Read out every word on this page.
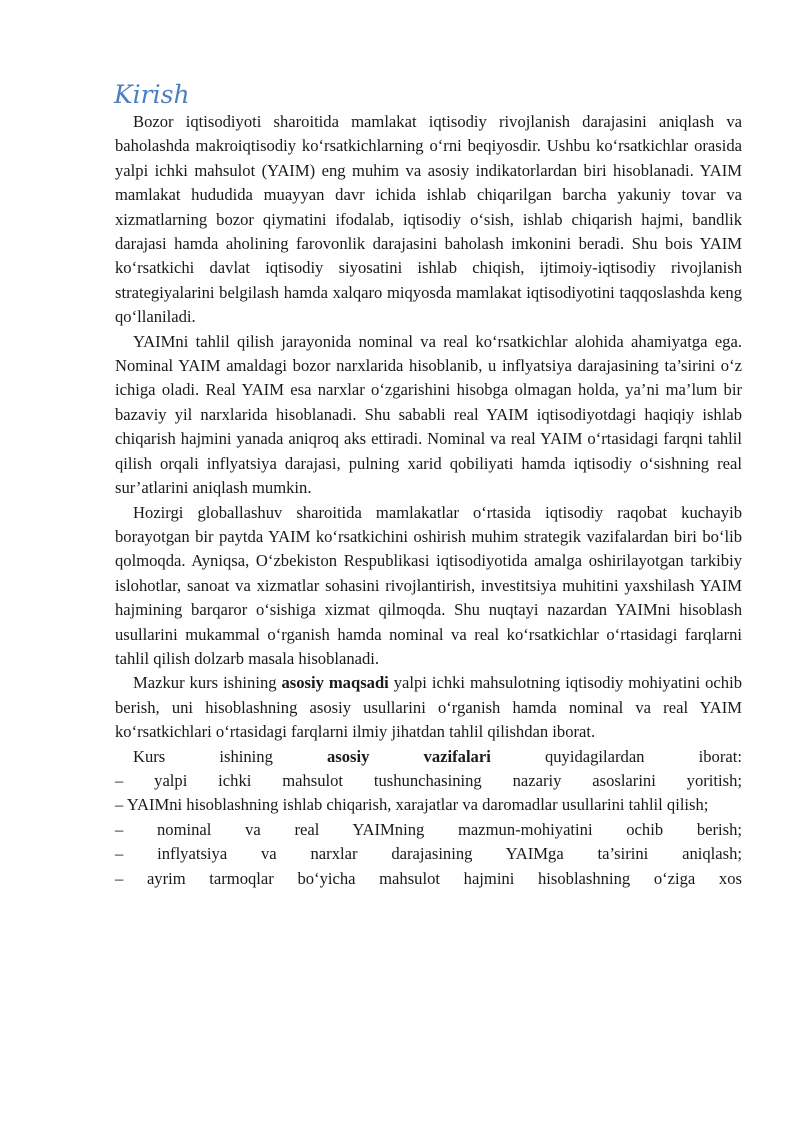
Kirish

Bozor iqtisodiyoti sharoitida mamlakat iqtisodiy rivojlanish darajasini aniqlash va baholashda makroiqtisodiy ko‘rsatkichlarning o‘rni beqiyosdir. Ushbu ko‘rsatkichlar orasida yalpi ichki mahsulot (YAIM) eng muhim va asosiy indikatorlardan biri hisoblanadi. YAIM mamlakat hududida muayyan davr ichida ishlab chiqarilgan barcha yakuniy tovar va xizmatlarning bozor qiymatini ifodalab, iqtisodiy o‘sish, ishlab chiqarish hajmi, bandlik darajasi hamda aholining farovonlik darajasini baholash imkonini beradi. Shu bois YAIM ko‘rsatkichi davlat iqtisodiy siyosatini ishlab chiqish, ijtimoiy-iqtisodiy rivojlanish strategiyalarini belgilash hamda xalqaro miqyosda mamlakat iqtisodiyotini taqqoslashda keng qo‘llaniladi.

YAIMni tahlil qilish jarayonida nominal va real ko‘rsatkichlar alohida ahamiyatga ega. Nominal YAIM amaldagi bozor narxlarida hisoblanib, u inflyatsiya darajasining ta’sirini o‘z ichiga oladi. Real YAIM esa narxlar o‘zgarishini hisobga olmagan holda, ya’ni ma’lum bir bazaviy yil narxlarida hisoblanadi. Shu sababli real YAIM iqtisodiyotdagi haqiqiy ishlab chiqarish hajmini yanada aniqroq aks ettiradi. Nominal va real YAIM o‘rtasidagi farqni tahlil qilish orqali inflyatsiya darajasi, pulning xarid qobiliyati hamda iqtisodiy o‘sishning real sur’atlarini aniqlash mumkin.

Hozirgi globallashuv sharoitida mamlakatlar o‘rtasida iqtisodiy raqobat kuchayib borayotgan bir paytda YAIM ko‘rsatkichini oshirish muhim strategik vazifalardan biri bo‘lib qolmoqda. Ayniqsa, O‘zbekiston Respublikasi iqtisodiyotida amalga oshirilayotgan tarkibiy islohotlar, sanoat va xizmatlar sohasini rivojlantirish, investitsiya muhitini yaxshilash YAIM hajmining barqaror o‘sishiga xizmat qilmoqda. Shu nuqtayi nazardan YAIMni hisoblash usullarini mukammal o‘rganish hamda nominal va real ko‘rsatkichlar o‘rtasidagi farqlarni tahlil qilish dolzarb masala hisoblanadi.

Mazkur kurs ishining asosiy maqsadi yalpi ichki mahsulotning iqtisodiy mohiyatini ochib berish, uni hisoblashning asosiy usullarini o‘rganish hamda nominal va real YAIM ko‘rsatkichlari o‘rtasidagi farqlarni ilmiy jihatdan tahlil qilishdan iborat.

Kurs	ishining	asosiy	vazifalari	quyidagilardan	iborat:

– yalpi ichki mahsulot tushunchasining nazariy asoslarini yoritish;

– YAIMni hisoblashning ishlab chiqarish, xarajatlar va daromadlar usullarini tahlil qilish;

– nominal va real YAIMning mazmun-mohiyatini ochib berish;

– inflyatsiya va narxlar darajasining YAIMga ta’sirini aniqlash;

– ayrim tarmoqlar bo‘yicha mahsulot hajmini hisoblashning o‘ziga xos
